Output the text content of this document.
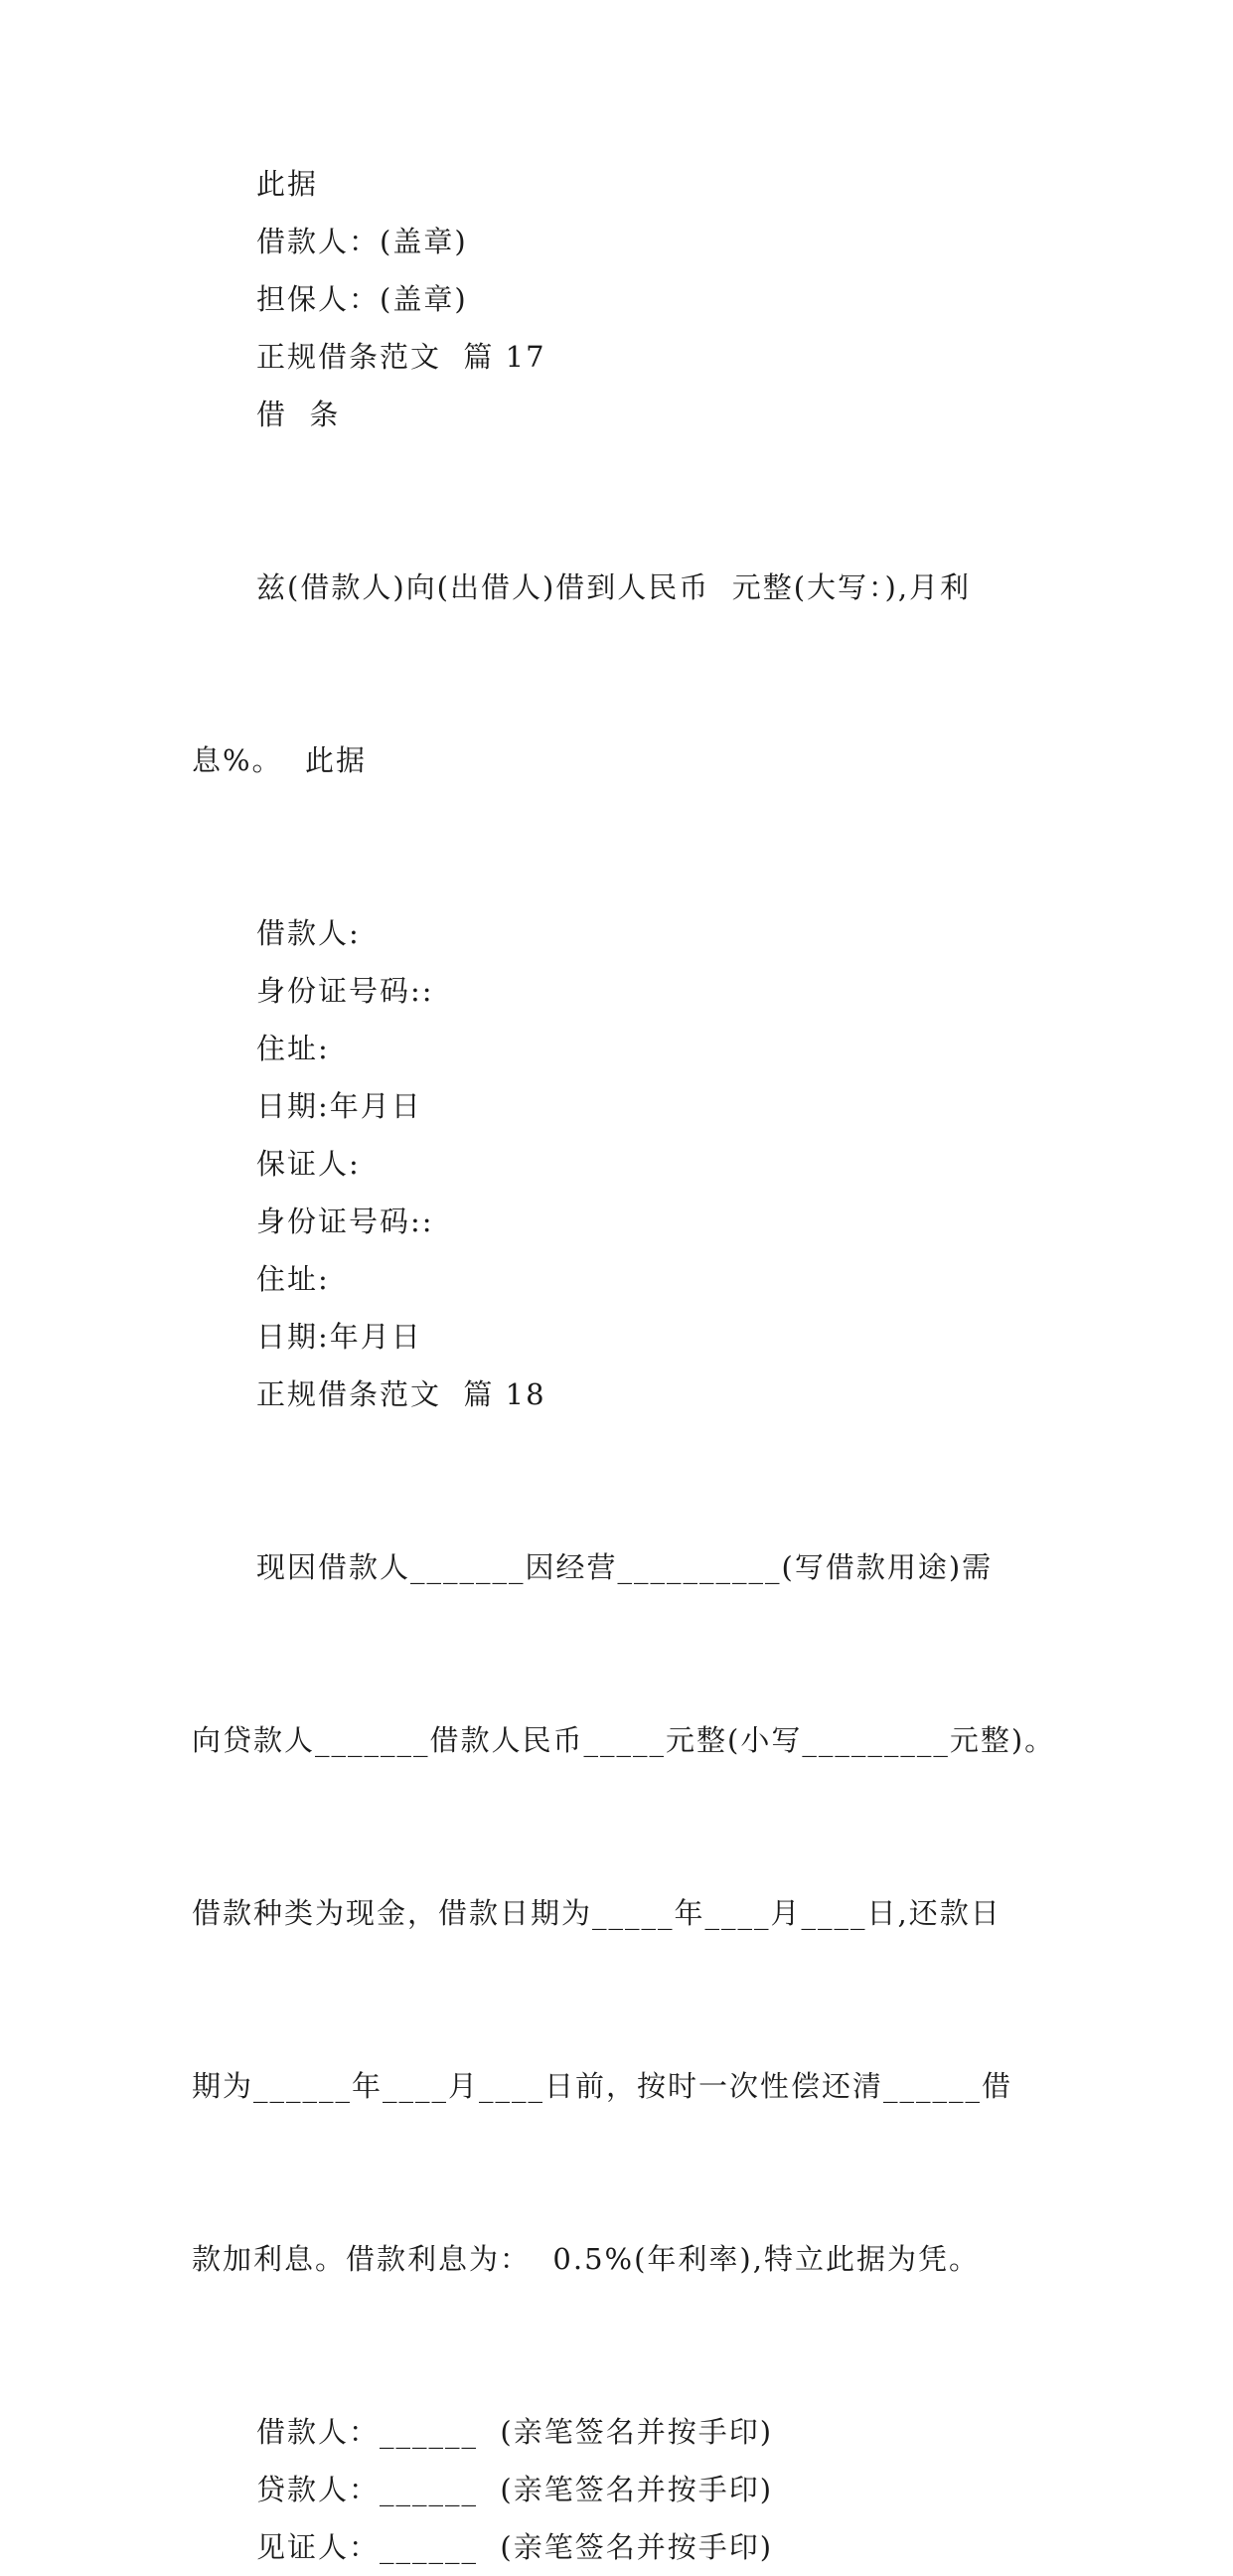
此据
借款人：(盖章)
担保人：(盖章)
正规借条范文  篇 17
借  条

兹(借款人)向(出借人)借到人民币  元整(大写：),月利

息%。  此据

借款人:
身份证号码::
住址:
日期:年月日
保证人:
身份证号码::
住址:
日期:年月日
正规借条范文  篇 18

现因借款人_______因经营__________(写借款用途)需

向贷款人_______借款人民币_____元整(小写_________元整)。

借款种类为现金，借款日期为_____年____月____日,还款日

期为______年____月____日前，按时一次性偿还清______借

款加利息。借款利息为：  0.5%(年利率),特立此据为凭。

借款人：______  (亲笔签名并按手印)
贷款人：______  (亲笔签名并按手印)
见证人：______  (亲笔签名并按手印)
